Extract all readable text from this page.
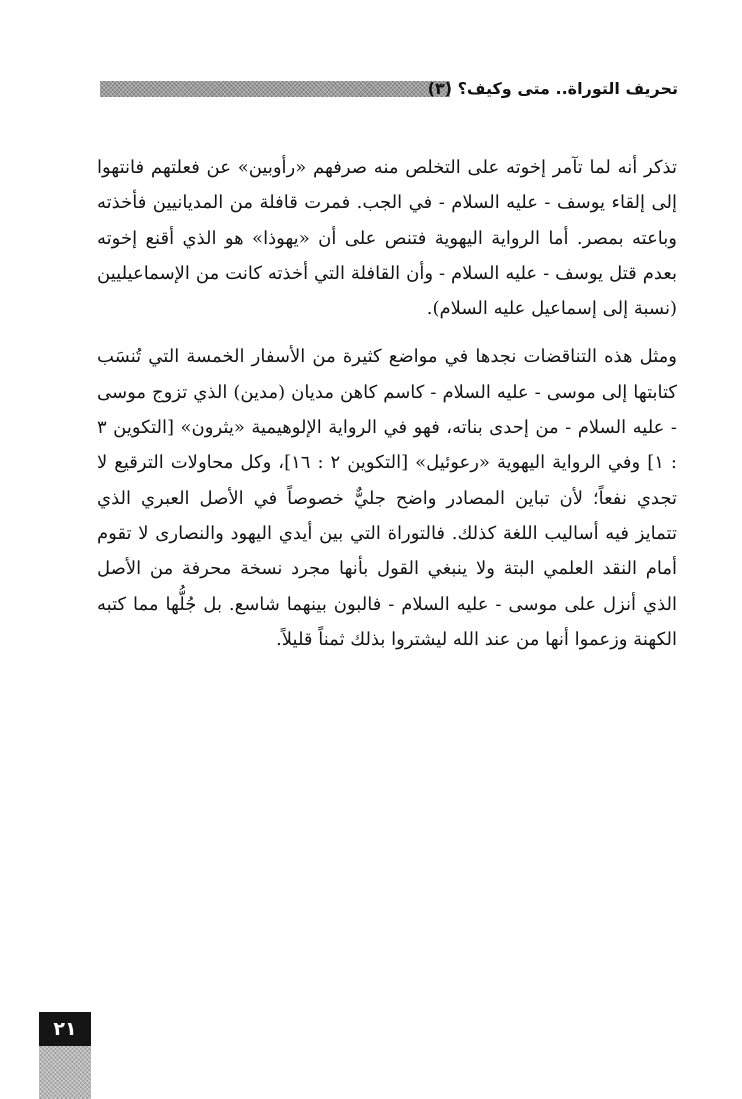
تحريف التوراة.. متى وكيف؟ (٣)

تذكر أنه لما تآمر إخوته على التخلص منه صرفهم «رأوبين» عن فعلتهم فانتهوا إلى إلقاء يوسف - عليه السلام - في الجب. فمرت قافلة من المديانيين فأخذته وباعته بمصر. أما الرواية اليهوية فتنص على أن «يهوذا» هو الذي أقنع إخوته بعدم قتل يوسف - عليه السلام - وأن القافلة التي أخذته كانت من الإسماعيليين (نسبة إلى إسماعيل عليه السلام).

ومثل هذه التناقضات نجدها في مواضع كثيرة من الأسفار الخمسة التي تُنسَب كتابتها إلى موسى - عليه السلام - كاسم كاهن مديان (مدين) الذي تزوج موسى - عليه السلام - من إحدى بناته، فهو في الرواية الإلوهيمية «يثرون» [التكوين ٣ : ١] وفي الرواية اليهوية «رعوئيل» [التكوين ٢ : ١٦]، وكل محاولات الترقيع لا تجدي نفعاً؛ لأن تباين المصادر واضح جليٌّ خصوصاً في الأصل العبري الذي تتمايز فيه أساليب اللغة كذلك. فالتوراة التي بين أيدي اليهود والنصارى لا تقوم أمام النقد العلمي البتة ولا ينبغي القول بأنها مجرد نسخة محرفة من الأصل الذي أنزل على موسى - عليه السلام - فالبون بينهما شاسع. بل جُلُّها مما كتبه الكهنة وزعموا أنها من عند الله ليشتروا بذلك ثمناً قليلاً.

٢١
